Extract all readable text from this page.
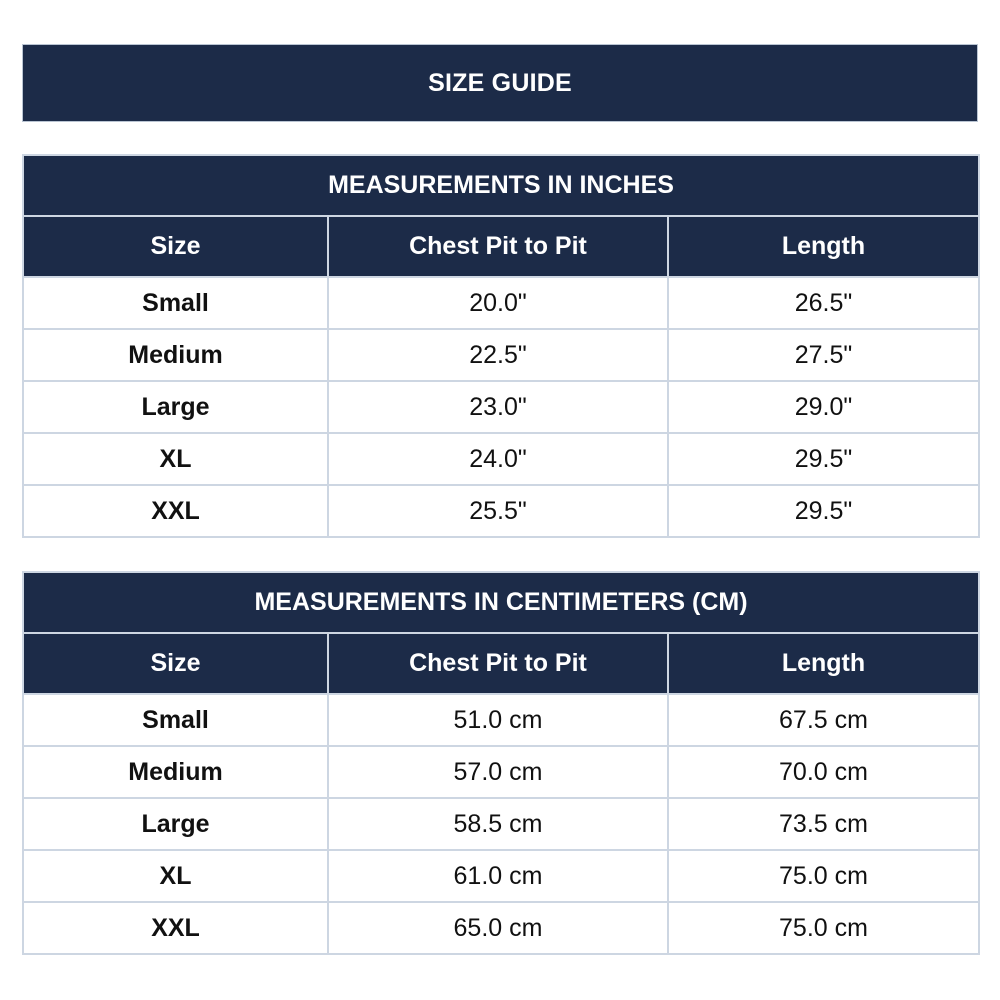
SIZE GUIDE
MEASUREMENTS IN INCHES		
Size	Chest Pit to Pit	Length
Small	20.0"	26.5"
Medium	22.5"	27.5"
Large	23.0"	29.0"
XL	24.0"	29.5"
XXL	25.5"	29.5"
MEASUREMENTS IN CENTIMETERS (CM)		
Size	Chest Pit to Pit	Length
Small	51.0 cm	67.5 cm
Medium	57.0 cm	70.0 cm
Large	58.5 cm	73.5 cm
XL	61.0 cm	75.0 cm
XXL	65.0 cm	75.0 cm
